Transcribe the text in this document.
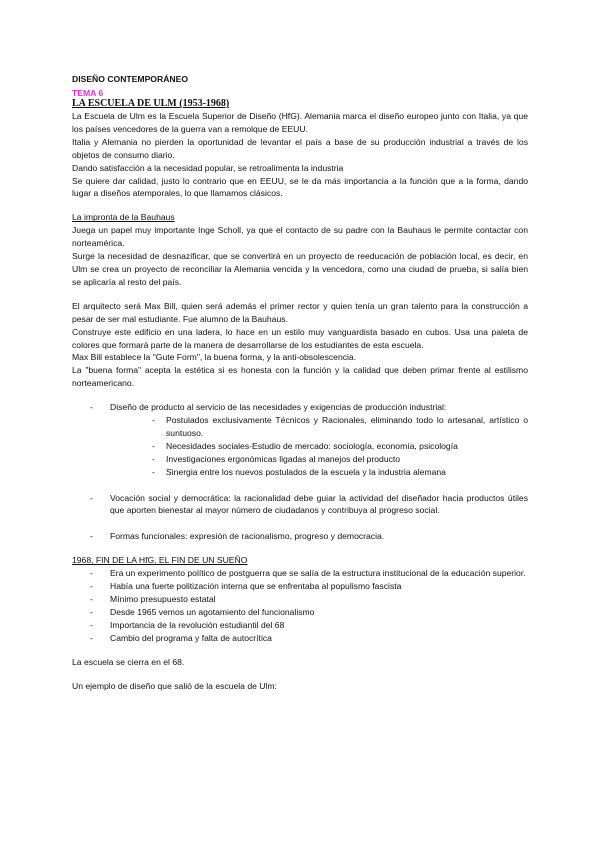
DISEÑO CONTEMPORÁNEO

TEMA 6

LA ESCUELA DE ULM (1953-1968)

La Escuela de Ulm es la Escuela Superior de Diseño (HfG). Alemania marca el diseño europeo junto con Italia, ya que los países vencedores de la guerra van a remolque de EEUU.

Italia y Alemania no pierden la oportunidad de levantar el país a base de su producción industrial a través de los objetos de consumo diario.

Dando satisfacción a la necesidad popular, se retroalimenta la industria

Se quiere dar calidad, justo lo contrario que en EEUU, se le da más importancia a la función que a la forma, dando lugar a diseños atemporales, lo que llamamos clásicos.

La impronta de la Bauhaus

Juega un papel muy importante Inge Scholl, ya que el contacto de su padre con la Bauhaus le permite contactar con norteamérica.

Surge la necesidad de desnazificar, que se convertirá en un proyecto de reeducación de población local, es decir, en Ulm se crea un proyecto de reconciliar la Alemania vencida y la vencedora, como una ciudad de prueba, si salía bien se aplicaría al resto del país.

El arquitecto será Max Bill, quien será además el primer rector y quien tenía un gran talento para la construcción a pesar de ser mal estudiante. Fue alumno de la Bauhaus.

Construye este edificio en una ladera, lo hace en un estilo muy vanguardista basado en cubos. Usa una paleta de colores que formará parte de la manera de desarrollarse de los estudiantes de esta escuela.

Max Bill establece la "Gute Form", la buena forma, y la anti-obsolescencia.

La "buena forma" acepta la estética si es honesta con la función y la calidad que deben primar frente al estilismo norteamericano.

- Diseño de producto al servicio de las necesidades y exigencias de producción industrial:

- Postulados exclusivamente Técnicos y Racionales, eliminando todo lo artesanal, artístico o suntuoso.

- Necesidades sociales-Estudio de mercado: sociología, economía, psicología

- Investigaciones ergonómicas ligadas al manejos del producto

- Sinergia entre los nuevos postulados de la escuela y la industria alemana

- Vocación social y democrática: la racionalidad debe guiar la actividad del diseñador hacia productos útiles que aporten bienestar al mayor número de ciudadanos y contribuya al progreso social.

- Formas funcionales: expresión de racionalismo, progreso y democracia.

1968, FIN DE LA HfG, EL FIN DE UN SUEÑO

- Era un experimento político de postguerra que se salía de la estructura institucional de la educación superior.

- Había una fuerte politización interna que se enfrentaba al populismo fascista

- Mínimo presupuesto estatal

- Desde 1965 vemos un agotamiento del funcionalismo

- Importancia de la revolución estudiantil del 68

- Cambio del programa y falta de autocrítica

La escuela se cierra en el 68.

Un ejemplo de diseño que salió de la escuela de Ulm:
